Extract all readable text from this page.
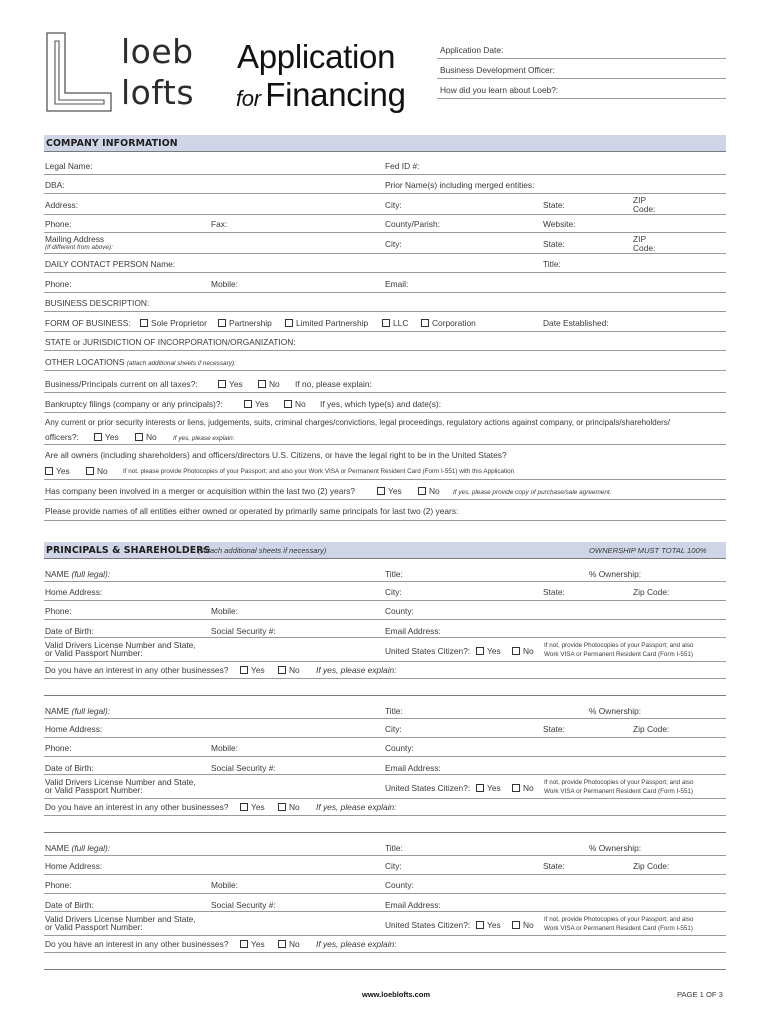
loeb
lofts
Application
for Financing
Application Date:
Business Development Officer:
How did you learn about Loeb?:
COMPANY INFORMATION
Legal Name:	Fed ID #:
DBA:	Prior Name(s) including merged entities:
Address:	City:	State:	ZIP
Code:
Phone:	Fax:	County/Parish:	Website:
Mailing Address
(if different from above):	City:	State:	ZIP
Code:
DAILY CONTACT PERSON Name:	Title:
Phone:	Mobile:	Email:
BUSINESS DESCRIPTION:
FORM OF BUSINESS:	Sole Proprietor	Partnership	Limited Partnership	LLC	Corporation	Date Established:
STATE or JURISDICTION OF INCORPORATION/ORGANIZATION:
OTHER LOCATIONS (attach additional sheets if necessary):
Business/Principals current on all taxes?:	Yes	No If no, please explain:
Bankruptcy filings (company or any principals)?:	Yes	No If yes, which type(s) and date(s):
Any current or prior security interests or liens, judgements, suits, criminal charges/convictions, legal proceedings, regulatory actions against company, or principals/shareholders/
officers?:	Yes	No	If yes, please explain:
Are all owners (including shareholders) and officers/directors U.S. Citizens, or have the legal right to be in the United States?
Yes	No If not, please provide Photocopies of your Passport; and also your Work VISA or Permanent Resident Card (Form I-551) with this Application
Has company been involved in a merger or acquisition within the last two (2) years?	Yes	No If yes, please provide copy of purchase/sale agreement.
Please provide names of all entities either owned or operated by primarily same principals for last two (2) years:
PRINCIPALS & SHAREHOLDERS
(Attach additional sheets if necessary)	OWNERSHIP MUST TOTAL 100%
NAME (full legal):	Title:	% Ownership:
Home Address:	City:	State:	Zip Code:
Phone:	Mobile:	County:
Date of Birth:	Social Security #:	Email Address:
Valid Drivers License Number and State,
or Valid Passport Number:	United States Citizen?:	Yes	No
If not, provide Photocopies of your Passport; and also
Work VISA or Permanent Resident Card (Form I-551)
Do you have an interest in any other businesses?	Yes	No If yes, please explain:
NAME (full legal):	Title:	% Ownership:
Home Address:	City:	State:	Zip Code:
Phone:	Mobile:	County:
Date of Birth:	Social Security #:	Email Address:
Valid Drivers License Number and State,
or Valid Passport Number:	United States Citizen?:	Yes	No
If not, provide Photocopies of your Passport; and also
Work VISA or Permanent Resident Card (Form I-551)
Do you have an interest in any other businesses?	Yes	No If yes, please explain:
NAME (full legal):	Title:	% Ownership:
Home Address:	City:	State:	Zip Code:
Phone:	Mobile:	County:
Date of Birth:	Social Security #:	Email Address:
Valid Drivers License Number and State,
or Valid Passport Number:	United States Citizen?:	Yes	No
If not, provide Photocopies of your Passport; and also
Work VISA or Permanent Resident Card (Form I-551)
Do you have an interest in any other businesses?	Yes	No If yes, please explain:
www.loeblofts.com	PAGE 1 OF 3
